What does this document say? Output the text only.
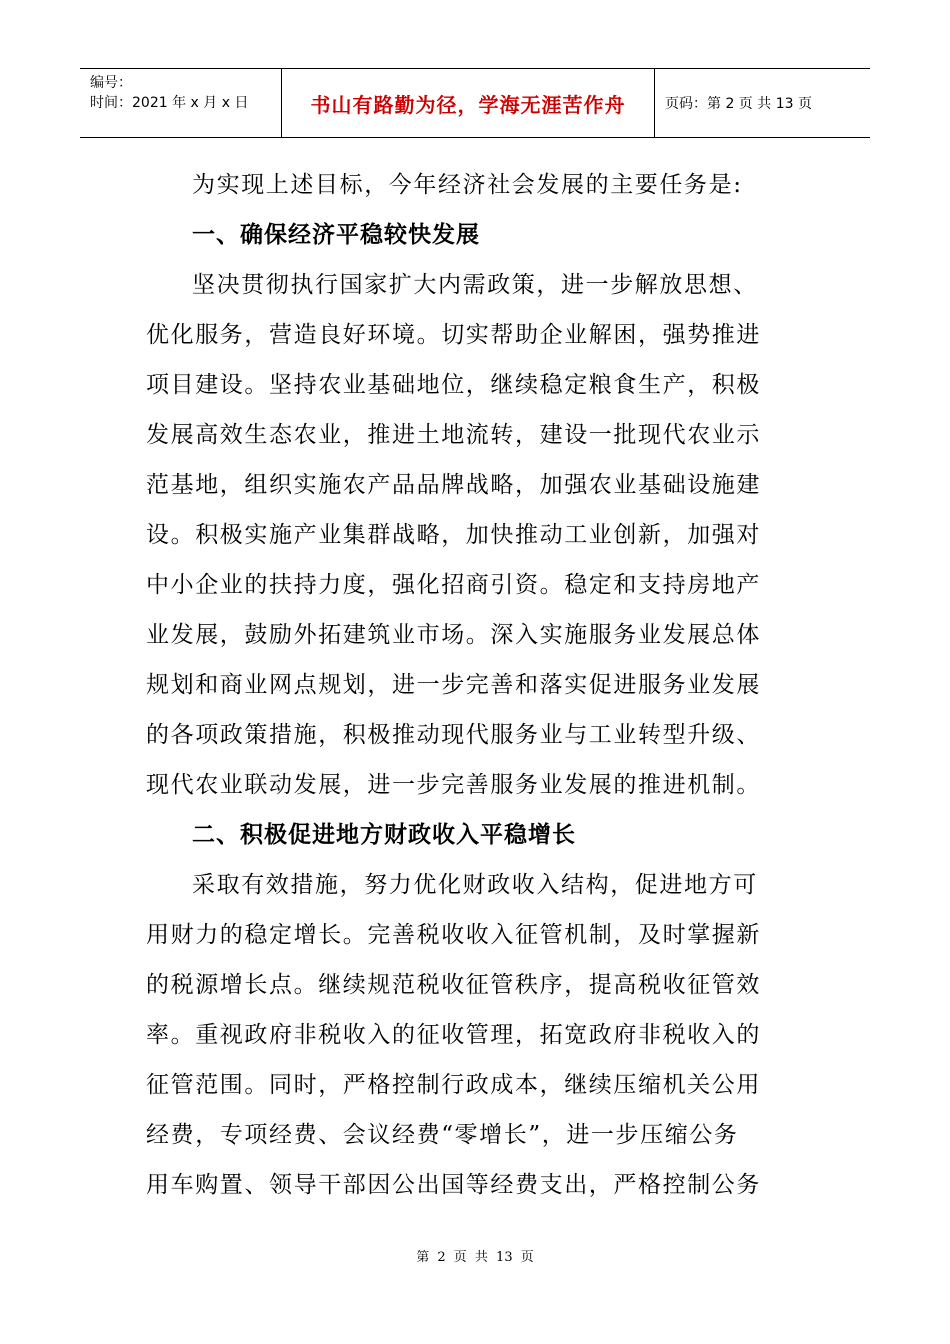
编号：
时间：2021 年 x 月 x 日	书山有路勤为径，学海无涯苦作舟	页码：第 2 页 共 13 页
为实现上述目标，今年经济社会发展的主要任务是:
一、确保经济平稳较快发展
坚决贯彻执行国家扩大内需政策，进一步解放思想、
优化服务，营造良好环境。切实帮助企业解困，强势推进
项目建设。坚持农业基础地位，继续稳定粮食生产，积极
发展高效生态农业，推进土地流转，建设一批现代农业示
范基地，组织实施农产品品牌战略，加强农业基础设施建
设。积极实施产业集群战略，加快推动工业创新，加强对
中小企业的扶持力度，强化招商引资。稳定和支持房地产
业发展，鼓励外拓建筑业市场。深入实施服务业发展总体
规划和商业网点规划，进一步完善和落实促进服务业发展
的各项政策措施，积极推动现代服务业与工业转型升级、
现代农业联动发展，进一步完善服务业发展的推进机制。
二、积极促进地方财政收入平稳增长
采取有效措施，努力优化财政收入结构，促进地方可
用财力的稳定增长。完善税收收入征管机制，及时掌握新
的税源增长点。继续规范税收征管秩序，提高税收征管效
率。重视政府非税收入的征收管理，拓宽政府非税收入的
征管范围。同时，严格控制行政成本，继续压缩机关公用
经费，专项经费、会议经费“零增长”，进一步压缩公务
用车购置、领导干部因公出国等经费支出，严格控制公务
第 2 页 共 13 页
